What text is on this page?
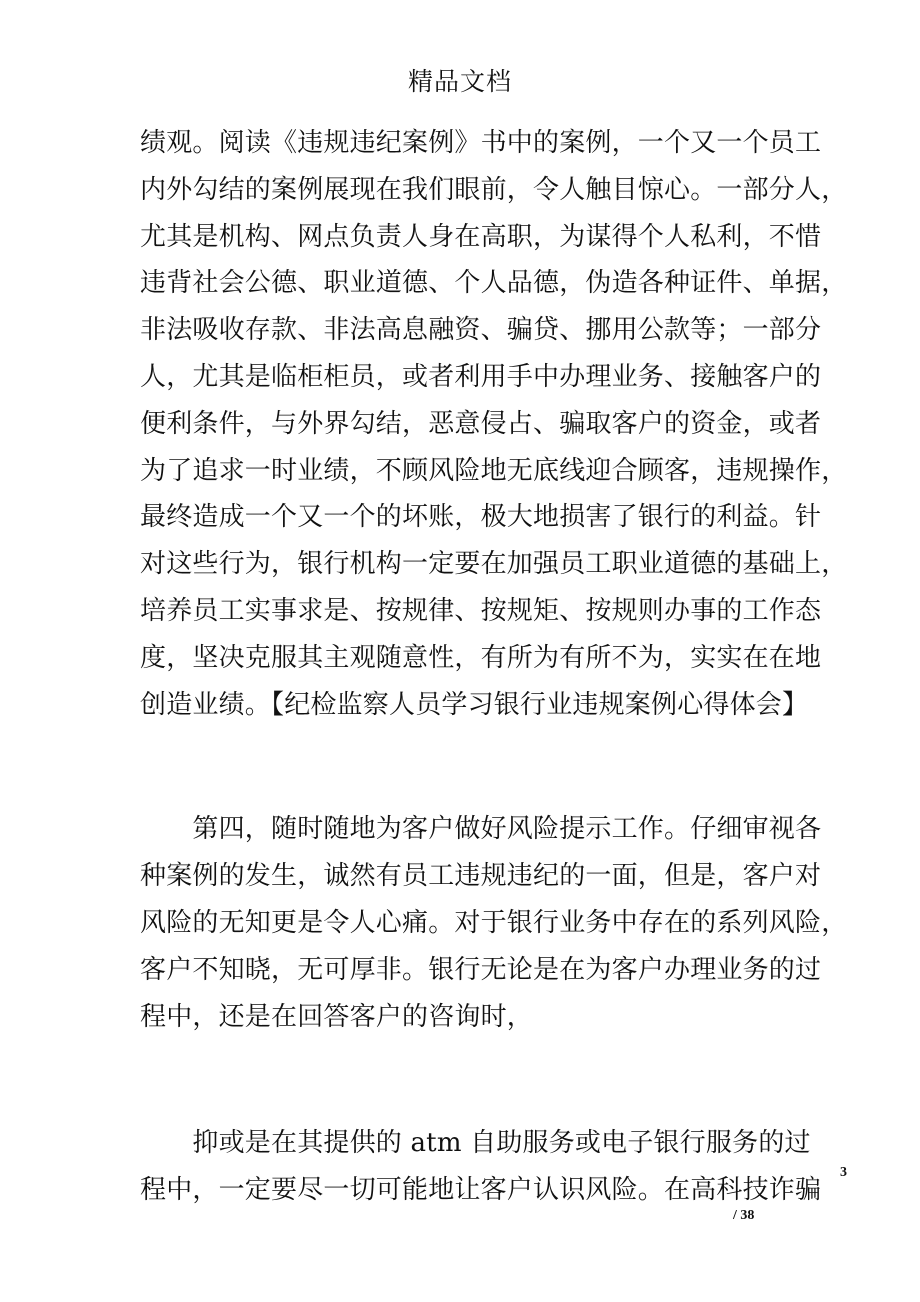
精品文档
绩观。阅读《违规违纪案例》书中的案例，一个又一个员工
内外勾结的案例展现在我们眼前，令人触目惊心。一部分人，
尤其是机构、网点负责人身在高职，为谋得个人私利，不惜
违背社会公德、职业道德、个人品德，伪造各种证件、单据，
非法吸收存款、非法高息融资、骗贷、挪用公款等；一部分
人，尤其是临柜柜员，或者利用手中办理业务、接触客户的
便利条件，与外界勾结，恶意侵占、骗取客户的资金，或者
为了追求一时业绩，不顾风险地无底线迎合顾客，违规操作，
最终造成一个又一个的坏账，极大地损害了银行的利益。针
对这些行为，银行机构一定要在加强员工职业道德的基础上，
培养员工实事求是、按规律、按规矩、按规则办事的工作态
度，坚决克服其主观随意性，有所为有所不为，实实在在地
创造业绩。【纪检监察人员学习银行业违规案例心得体会】
　　第四，随时随地为客户做好风险提示工作。仔细审视各
种案例的发生，诚然有员工违规违纪的一面，但是，客户对
风险的无知更是令人心痛。对于银行业务中存在的系列风险，
客户不知晓，无可厚非。银行无论是在为客户办理业务的过
程中，还是在回答客户的咨询时，
　　抑或是在其提供的 atm 自助服务或电子银行服务的过
程中，一定要尽一切可能地让客户认识风险。在高科技诈骗
3
/ 38
